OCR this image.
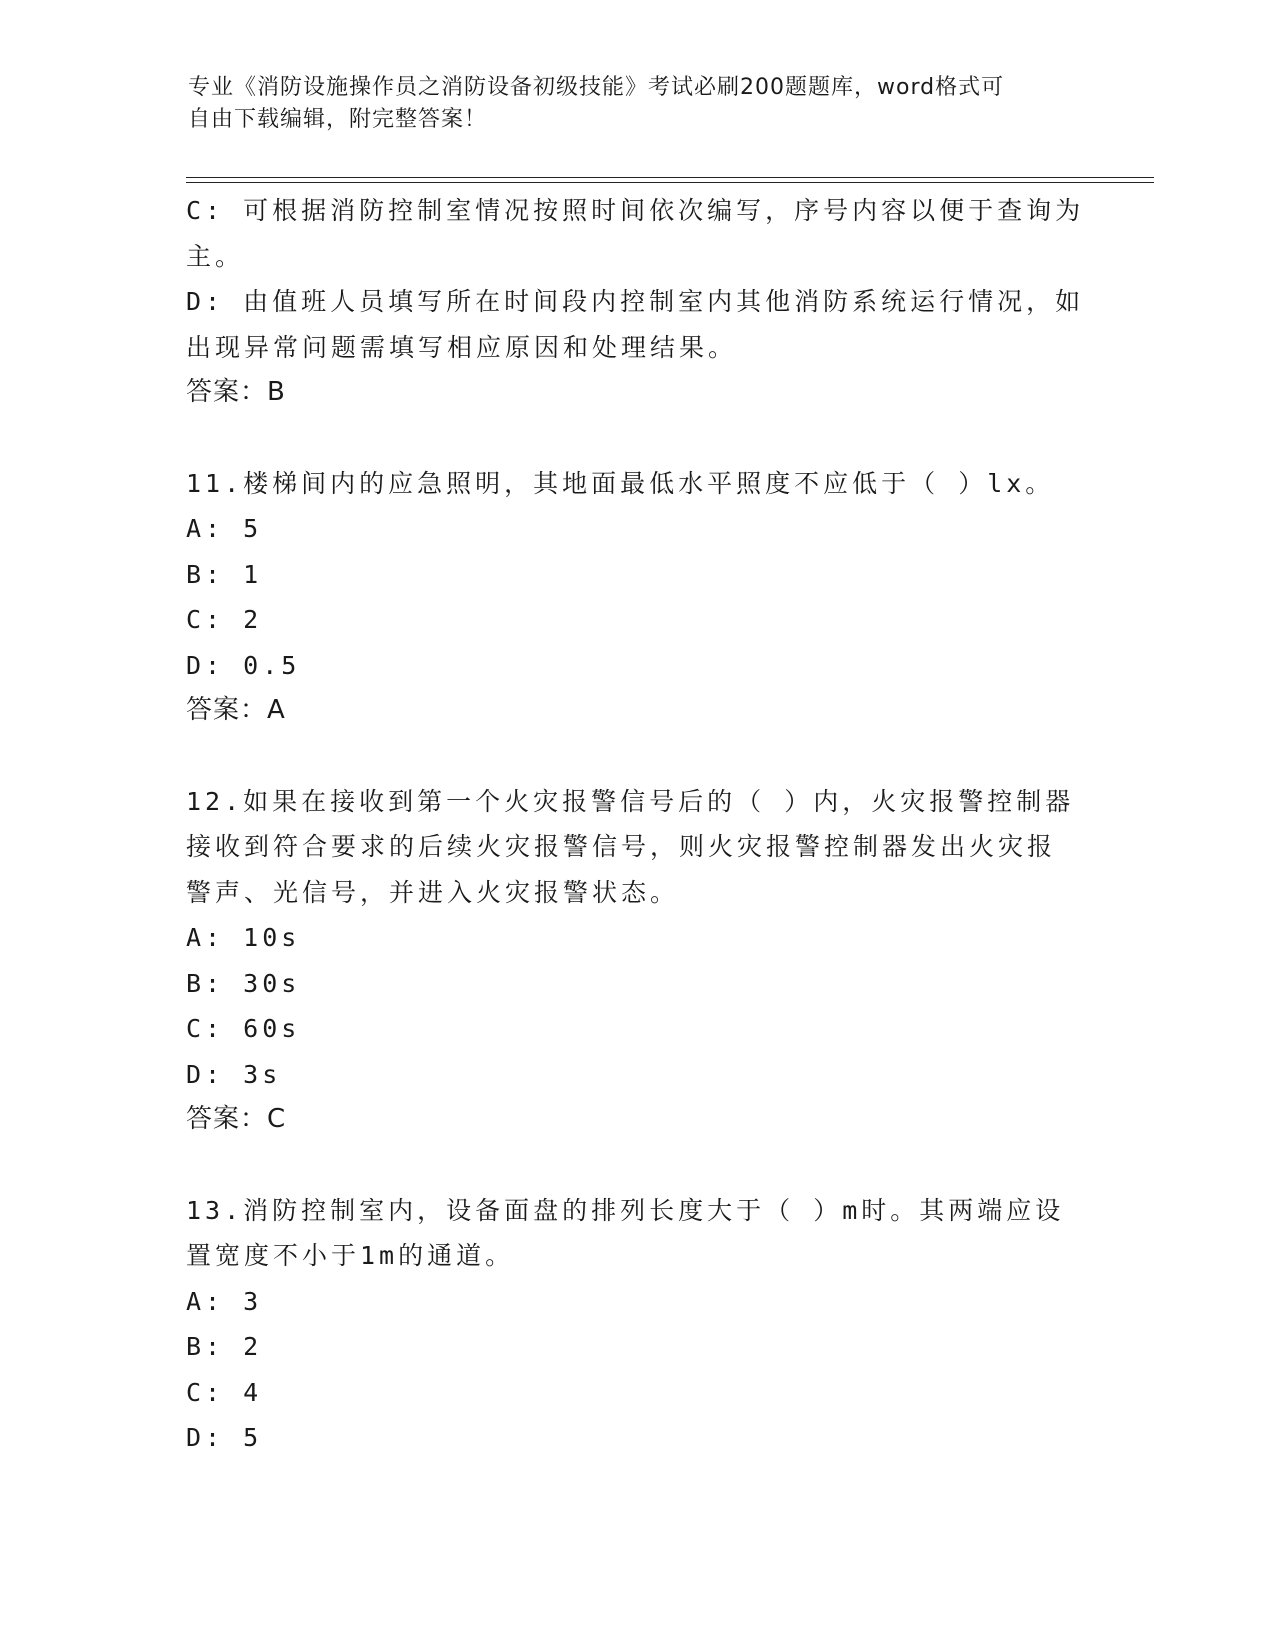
专业《消防设施操作员之消防设备初级技能》考试必刷200题题库，word格式可
自由下载编辑，附完整答案！
C: 可根据消防控制室情况按照时间依次编写，序号内容以便于查询为
主。
D: 由值班人员填写所在时间段内控制室内其他消防系统运行情况，如
出现异常问题需填写相应原因和处理结果。
答案：B
11.楼梯间内的应急照明，其地面最低水平照度不应低于（ ）lx。
A: 5
B: 1
C: 2
D: 0.5
答案：A
12.如果在接收到第一个火灾报警信号后的（ ）内，火灾报警控制器
接收到符合要求的后续火灾报警信号，则火灾报警控制器发出火灾报
警声、光信号，并进入火灾报警状态。
A: 10s
B: 30s
C: 60s
D: 3s
答案：C
13.消防控制室内，设备面盘的排列长度大于（ ）m时。其两端应设
置宽度不小于1m的通道。
A: 3
B: 2
C: 4
D: 5
